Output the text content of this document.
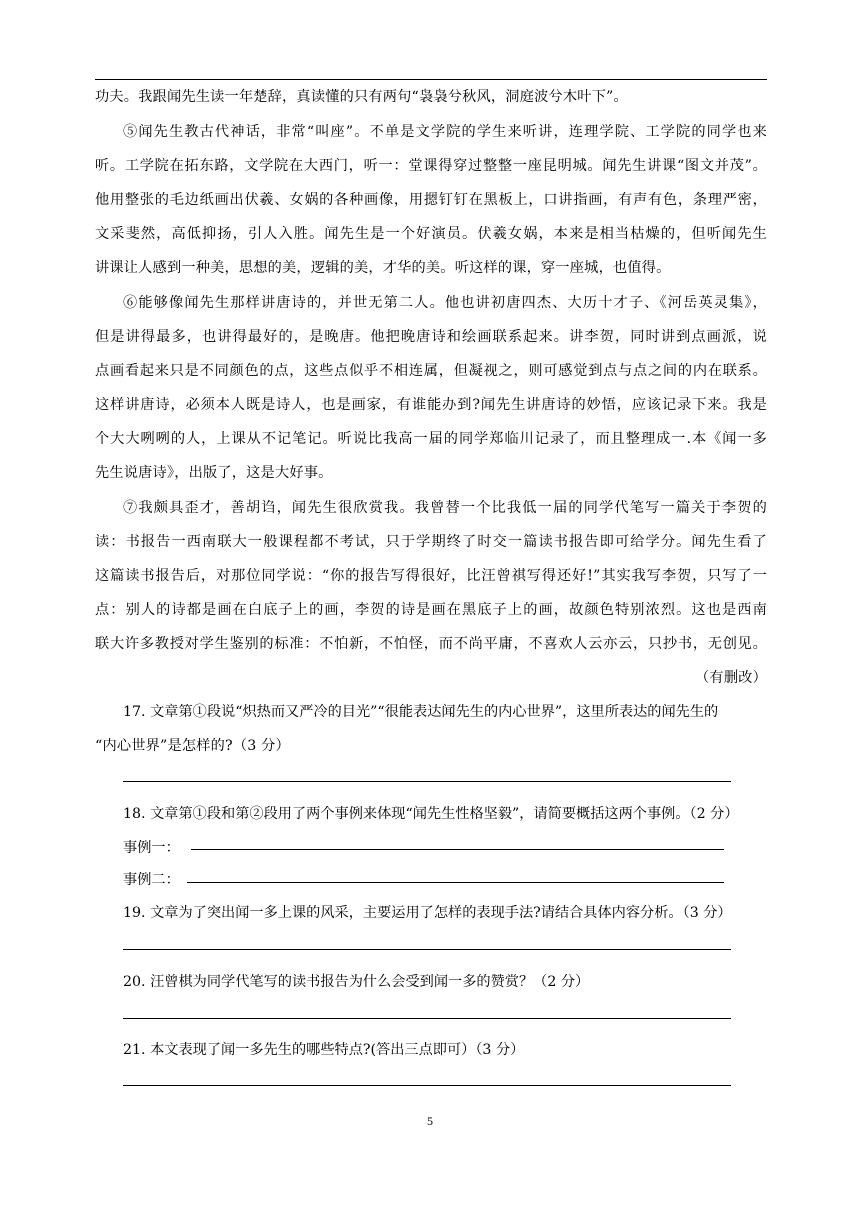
功夫。我跟闻先生读一年楚辞，真读懂的只有两句“袅袅兮秋风，洞庭波兮木叶下”。
⑤闻先生教古代神话，非常“叫座”。不单是文学院的学生来听讲，连理学院、工学院的同学也来
听。工学院在拓东路，文学院在大西门，听一：堂课得穿过整整一座昆明城。闻先生讲课“图文并茂”。
他用整张的毛边纸画出伏羲、女娲的各种画像，用摁钉钉在黑板上，口讲指画，有声有色，条理严密，
文采斐然，高低抑扬，引人入胜。闻先生是一个好演员。伏羲女娲，本来是相当枯燥的，但听闻先生
讲课让人感到一种美，思想的美，逻辑的美，才华的美。听这样的课，穿一座城，也值得。
⑥能够像闻先生那样讲唐诗的，并世无第二人。他也讲初唐四杰、大历十才子、《河岳英灵集》，
但是讲得最多，也讲得最好的，是晚唐。他把晚唐诗和绘画联系起来。讲李贺，同时讲到点画派，说
点画看起来只是不同颜色的点，这些点似乎不相连属，但凝视之，则可感觉到点与点之间的内在联系。
这样讲唐诗，必须本人既是诗人，也是画家，有谁能办到?闻先生讲唐诗的妙悟，应该记录下来。我是
个大大咧咧的人，上课从不记笔记。听说比我高一届的同学郑临川记录了，而且整理成一.本《闻一多
先生说唐诗》，出版了，这是大好事。
⑦我颇具歪才，善胡诌，闻先生很欣赏我。我曾替一个比我低一届的同学代笔写一篇关于李贺的
读：书报告一西南联大一般课程都不考试，只于学期终了时交一篇读书报告即可给学分。闻先生看了
这篇读书报告后，对那位同学说：“你的报告写得很好，比汪曾祺写得还好!”其实我写李贺，只写了一
点：别人的诗都是画在白底子上的画，李贺的诗是画在黑底子上的画，故颜色特别浓烈。这也是西南
联大许多教授对学生鉴别的标准：不怕新，不怕怪，而不尚平庸，不喜欢人云亦云，只抄书，无创见。
（有删改）
17. 文章第①段说“炽热而又严冷的目光”“很能表达闻先生的内心世界”，这里所表达的闻先生的
“内心世界”是怎样的?（3 分）
18. 文章第①段和第②段用了两个事例来体现“闻先生性格坚毅”，请简要概括这两个事例。（2 分）
事例一：
事例二：
19. 文章为了突出闻一多上课的风采，主要运用了怎样的表现手法?请结合具体内容分析。（3 分）
20. 汪曾棋为同学代笔写的读书报告为什么会受到闻一多的赞赏？（2 分）
21. 本文表现了闻一多先生的哪些特点?(答出三点即可）（3 分）
5
